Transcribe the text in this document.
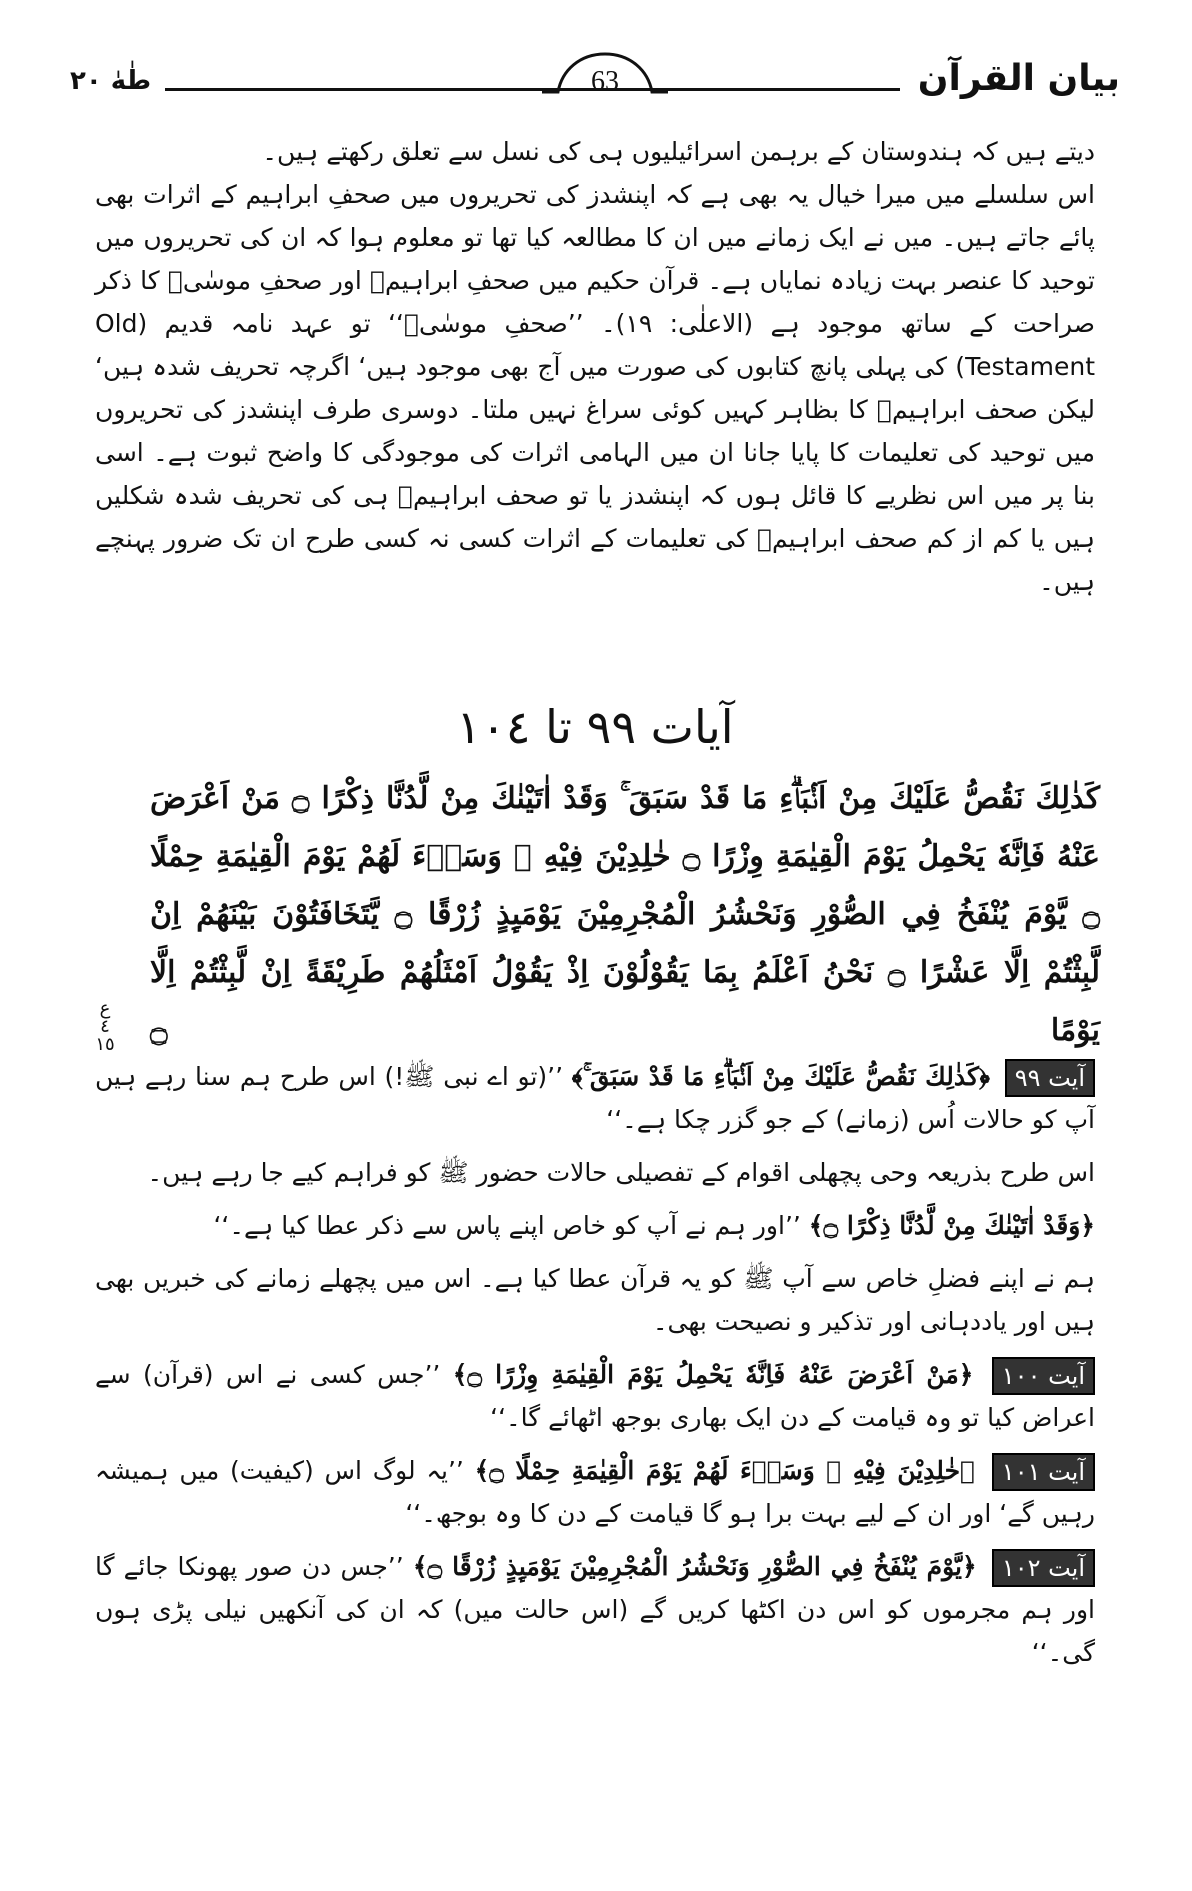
طٰهٰ ٢٠	63	بیان القرآن

دیتے ہیں کہ ہندوستان کے برہمن اسرائیلیوں ہی کی نسل سے تعلق رکھتے ہیں۔

اس سلسلے میں میرا خیال یہ بھی ہے کہ اپنشدز کی تحریروں میں صحفِ ابراہیم کے اثرات بھی پائے جاتے ہیں۔ میں نے ایک زمانے میں ان کا مطالعہ کیا تھا تو معلوم ہوا کہ ان کی تحریروں میں توحید کا عنصر بہت زیادہ نمایاں ہے۔ قرآن حکیم میں صحفِ ابراہیمؑ اور صحفِ موسٰیؑ کا ذکر صراحت کے ساتھ موجود ہے (الاعلٰی: ١٩)۔ ’’صحفِ موسٰیؑ‘‘ تو عہد نامہ قدیم (Old Testament) کی پہلی پانچ کتابوں کی صورت میں آج بھی موجود ہیں‘ اگرچہ تحریف شدہ ہیں‘ لیکن صحف ابراہیمؑ کا بظاہر کہیں کوئی سراغ نہیں ملتا۔ دوسری طرف اپنشدز کی تحریروں میں توحید کی تعلیمات کا پایا جانا ان میں الہامی اثرات کی موجودگی کا واضح ثبوت ہے۔ اسی بنا پر میں اس نظریے کا قائل ہوں کہ اپنشدز یا تو صحف ابراہیمؑ ہی کی تحریف شدہ شکلیں ہیں یا کم از کم صحف ابراہیمؑ کی تعلیمات کے اثرات کسی نہ کسی طرح ان تک ضرور پہنچے ہیں۔

آیات ٩٩ تا ١٠٤
كَذٰلِكَ نَقُصُّ عَلَيْكَ مِنْ اَنْۢبَاۗءِ مَا قَدْ سَبَقَ ۚ وَقَدْ اٰتَيْنٰكَ مِنْ لَّدُنَّا ذِكْرًا ۝ مَنْ اَعْرَضَ عَنْهُ فَاِنَّهٗ يَحْمِلُ يَوْمَ الْقِيٰمَةِ وِزْرًا ۝ خٰلِدِيْنَ فِيْهِ ۭ وَسَاۗءَ لَهُمْ يَوْمَ الْقِيٰمَةِ حِمْلًا ۝ يَّوْمَ يُنْفَخُ فِي الصُّوْرِ وَنَحْشُرُ الْمُجْرِمِيْنَ يَوْمَىِٕذٍ زُرْقًا ۝ يَّتَخَافَتُوْنَ بَيْنَهُمْ اِنْ لَّبِثْتُمْ اِلَّا عَشْرًا ۝ نَحْنُ اَعْلَمُ بِمَا يَقُوْلُوْنَ اِذْ يَقُوْلُ اَمْثَلُهُمْ طَرِيْقَةً اِنْ لَّبِثْتُمْ اِلَّا يَوْمًا ۝
ع ٤ ١٥

آیت ٩٩ ﴿كَذٰلِكَ نَقُصُّ عَلَيْكَ مِنْ اَنْۢبَاۗءِ مَا قَدْ سَبَقَ ۚ﴾ ’’(تو اے نبی ﷺ!) اس طرح ہم سنا رہے ہیں آپ کو حالات اُس (زمانے) کے جو گزر چکا ہے۔‘‘

اس طرح بذریعہ وحی پچھلی اقوام کے تفصیلی حالات حضور ﷺ کو فراہم کیے جا رہے ہیں۔

﴿وَقَدْ اٰتَيْنٰكَ مِنْ لَّدُنَّا ذِكْرًا ۝﴾ ’’اور ہم نے آپ کو خاص اپنے پاس سے ذکر عطا کیا ہے۔‘‘

ہم نے اپنے فضلِ خاص سے آپ ﷺ کو یہ قرآن عطا کیا ہے۔ اس میں پچھلے زمانے کی خبریں بھی ہیں اور یاددہانی اور تذکیر و نصیحت بھی۔

آیت ١٠٠ ﴿مَنْ اَعْرَضَ عَنْهُ فَاِنَّهٗ يَحْمِلُ يَوْمَ الْقِيٰمَةِ وِزْرًا ۝﴾ ’’جس کسی نے اس (قرآن) سے اعراض کیا تو وہ قیامت کے دن ایک بھاری بوجھ اٹھائے گا۔‘‘

آیت ١٠١ ﴿خٰلِدِيْنَ فِيْهِ ۭ وَسَاۗءَ لَهُمْ يَوْمَ الْقِيٰمَةِ حِمْلًا ۝﴾ ’’یہ لوگ اس (کیفیت) میں ہمیشہ رہیں گے‘ اور ان کے لیے بہت برا ہو گا قیامت کے دن کا وہ بوجھ۔‘‘

آیت ١٠٢ ﴿يَّوْمَ يُنْفَخُ فِي الصُّوْرِ وَنَحْشُرُ الْمُجْرِمِيْنَ يَوْمَىِٕذٍ زُرْقًا ۝﴾ ’’جس دن صور پھونکا جائے گا اور ہم مجرموں کو اس دن اکٹھا کریں گے (اس حالت میں) کہ ان کی آنکھیں نیلی پڑی ہوں گی۔‘‘
